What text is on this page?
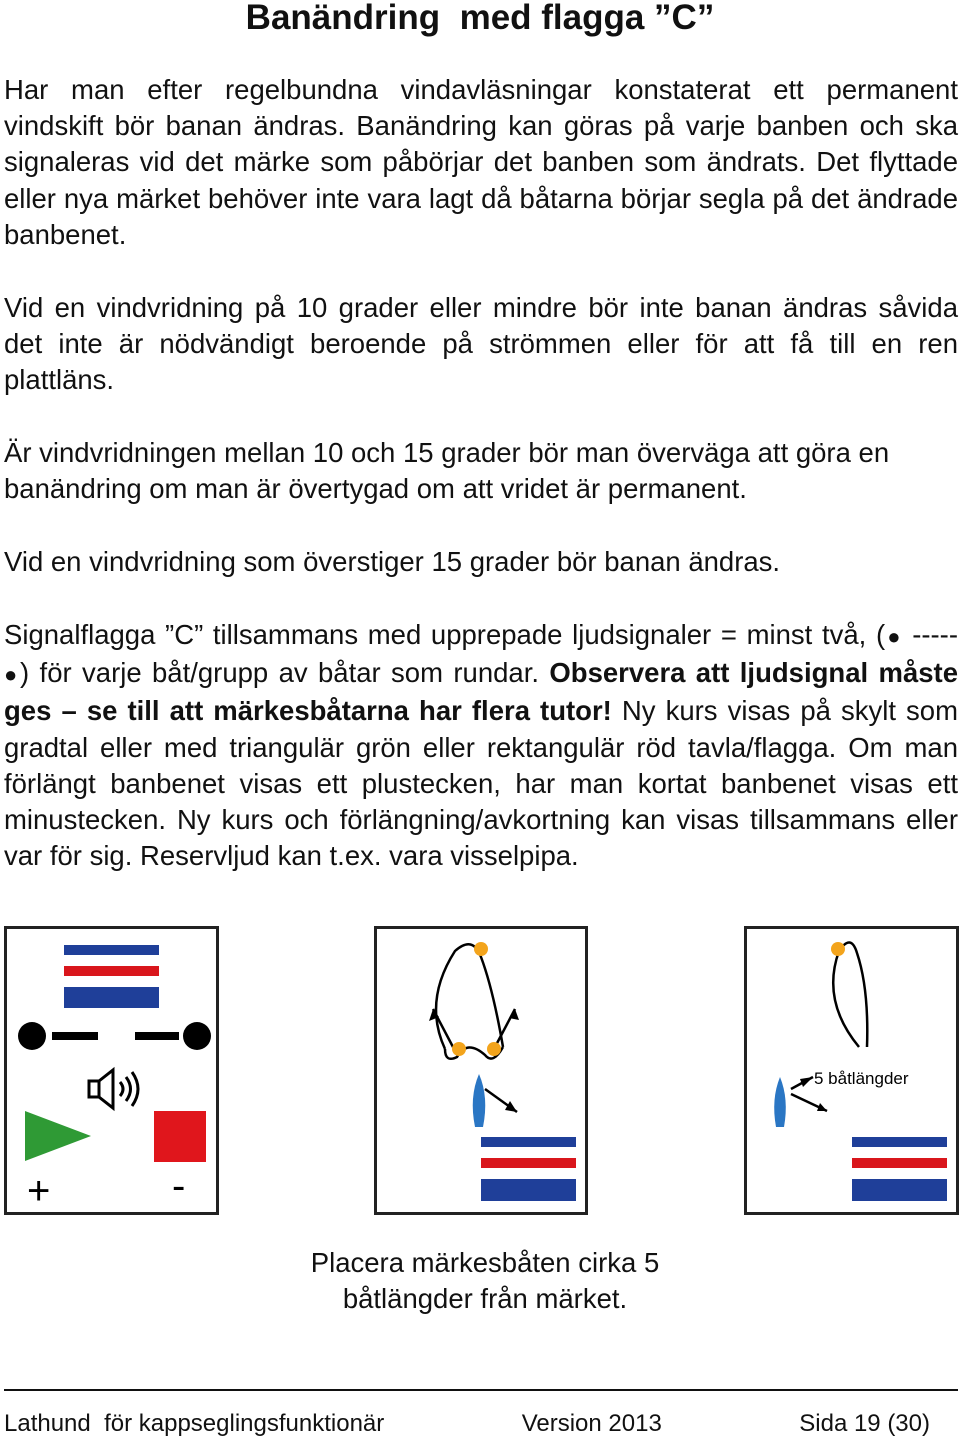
Banändring  med flagga ”C”

Har man efter regelbundna vindavläsningar konstaterat ett permanent vindskift bör banan ändras. Banändring kan göras på varje banben och ska signaleras vid det märke som påbörjar det banben som ändrats. Det flyttade eller nya märket behöver inte vara lagt då båtarna börjar segla på det ändrade banbenet.

Vid en vindvridning på 10 grader eller mindre bör inte banan ändras såvida det inte är nödvändigt beroende på strömmen eller för att få till en ren plattläns.

Är vindvridningen mellan 10 och 15 grader bör man överväga att göra en banändring om man är övertygad om att vridet är permanent.

Vid en vindvridning som överstiger 15 grader bör banan ändras.

Signalflagga ”C” tillsammans med upprepade ljudsignaler = minst två, (● ----- ●) för varje båt/grupp av båtar som rundar. Observera att ljudsignal måste ges – se till att märkesbåtarna har flera tutor! Ny kurs visas på skylt som gradtal eller med triangulär grön eller rektangulär röd tavla/flagga. Om man förlängt banbenet visas ett plustecken, har man kortat banbenet visas ett minustecken. Ny kurs och förlängning/avkortning kan visas tillsammans eller var för sig. Reservljud kan t.ex. vara visselpipa.

+	-
5 båtlängder

Placera märkesbåten cirka 5 båtlängder från märket.

Lathund  för kappseglingsfunktionär	Version 2013	Sida 19 (30)
